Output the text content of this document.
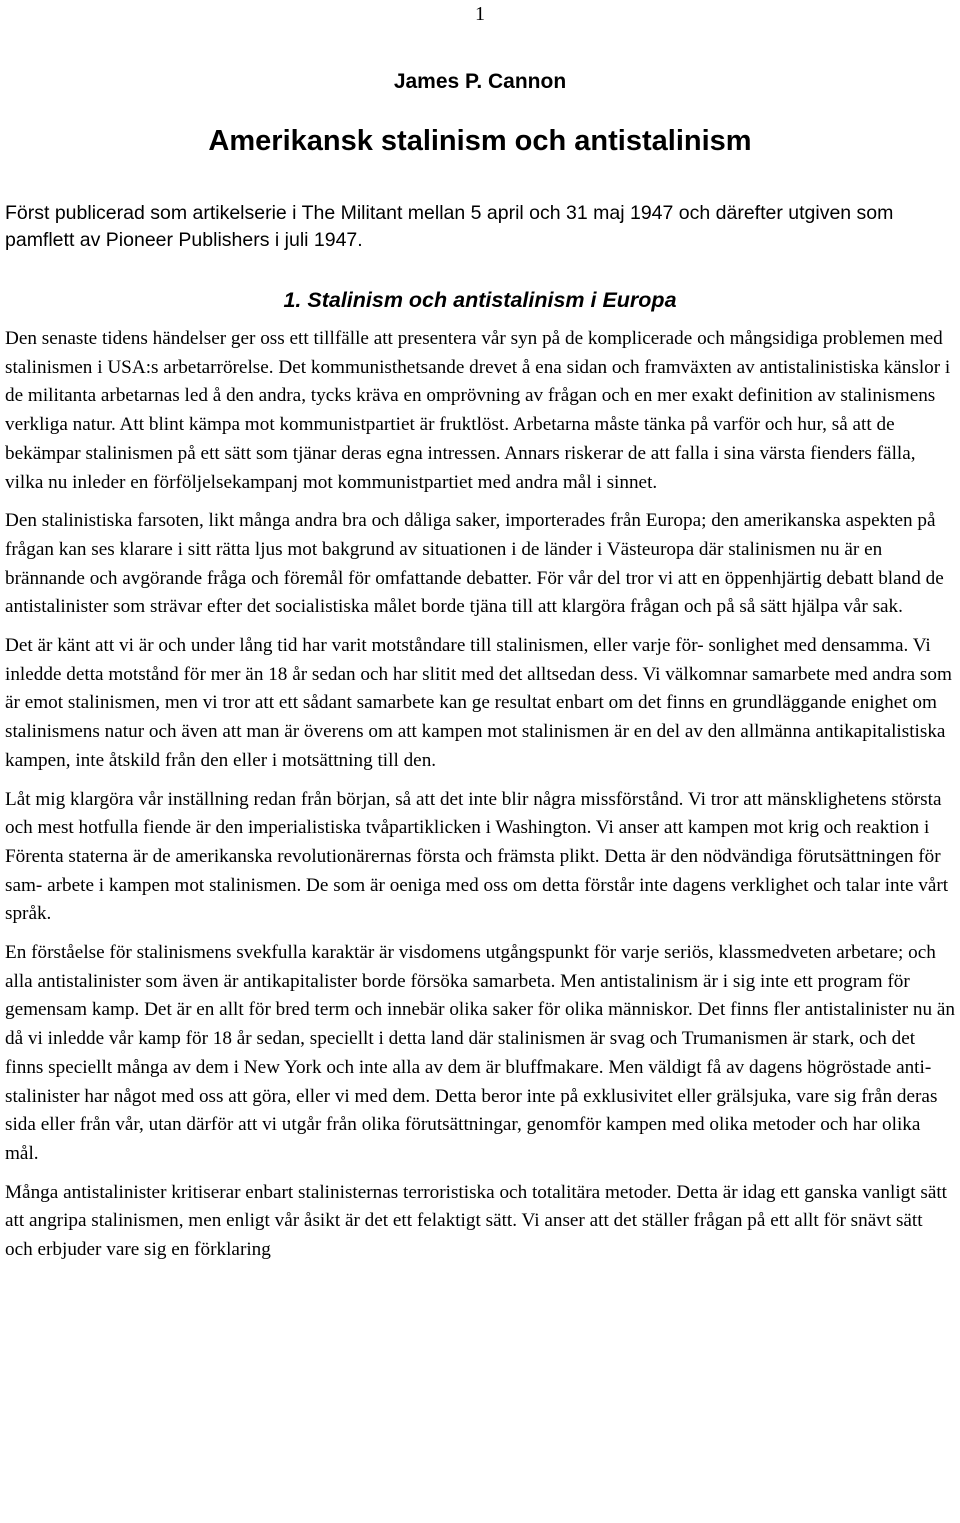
1
James P. Cannon
Amerikansk stalinism och antistalinism

Först publicerad som artikelserie i The Militant mellan 5 april och 31 maj 1947 och därefter utgiven som pamflett av Pioneer Publishers i juli 1947.

1. Stalinism och antistalinism i Europa

Den senaste tidens händelser ger oss ett tillfälle att presentera vår syn på de komplicerade och mångsidiga problemen med stalinismen i USA:s arbetarrörelse. Det kommunisthetsande drevet å ena sidan och framväxten av antistalinistiska känslor i de militanta arbetarnas led å den andra, tycks kräva en omprövning av frågan och en mer exakt definition av stalinismens verkliga natur. Att blint kämpa mot kommunistpartiet är fruktlöst. Arbetarna måste tänka på varför och hur, så att de bekämpar stalinismen på ett sätt som tjänar deras egna intressen. Annars riskerar de att falla i sina värsta fienders fälla, vilka nu inleder en förföljelsekampanj mot kommunistpartiet med andra mål i sinnet.

Den stalinistiska farsoten, likt många andra bra och dåliga saker, importerades från Europa; den amerikanska aspekten på frågan kan ses klarare i sitt rätta ljus mot bakgrund av situationen i de länder i Västeuropa där stalinismen nu är en brännande och avgörande fråga och föremål för omfattande debatter. För vår del tror vi att en öppenhjärtig debatt bland de antistalinister som strävar efter det socialistiska målet borde tjäna till att klargöra frågan och på så sätt hjälpa vår sak.

Det är känt att vi är och under lång tid har varit motståndare till stalinismen, eller varje för- sonlighet med densamma. Vi inledde detta motstånd för mer än 18 år sedan och har slitit med det alltsedan dess. Vi välkomnar samarbete med andra som är emot stalinismen, men vi tror att ett sådant samarbete kan ge resultat enbart om det finns en grundläggande enighet om stalinismens natur och även att man är överens om att kampen mot stalinismen är en del av den allmänna antikapitalistiska kampen, inte åtskild från den eller i motsättning till den.

Låt mig klargöra vår inställning redan från början, så att det inte blir några missförstånd. Vi tror att mänsklighetens största och mest hotfulla fiende är den imperialistiska tvåpartiklicken i Washington. Vi anser att kampen mot krig och reaktion i Förenta staterna är de amerikanska revolutionärernas första och främsta plikt. Detta är den nödvändiga förutsättningen för sam- arbete i kampen mot stalinismen. De som är oeniga med oss om detta förstår inte dagens verklighet och talar inte vårt språk.

En förståelse för stalinismens svekfulla karaktär är visdomens utgångspunkt för varje seriös, klassmedveten arbetare; och alla antistalinister som även är antikapitalister borde försöka samarbeta. Men antistalinism är i sig inte ett program för gemensam kamp. Det är en allt för bred term och innebär olika saker för olika människor. Det finns fler antistalinister nu än då vi inledde vår kamp för 18 år sedan, speciellt i detta land där stalinismen är svag och Trumanismen är stark, och det finns speciellt många av dem i New York och inte alla av dem är bluffmakare. Men väldigt få av dagens högröstade anti-stalinister har något med oss att göra, eller vi med dem. Detta beror inte på exklusivitet eller grälsjuka, vare sig från deras sida eller från vår, utan därför att vi utgår från olika förutsättningar, genomför kampen med olika metoder och har olika mål.

Många antistalinister kritiserar enbart stalinisternas terroristiska och totalitära metoder. Detta är idag ett ganska vanligt sätt att angripa stalinismen, men enligt vår åsikt är det ett felaktigt sätt. Vi anser att det ställer frågan på ett allt för snävt sätt och erbjuder vare sig en förklaring
